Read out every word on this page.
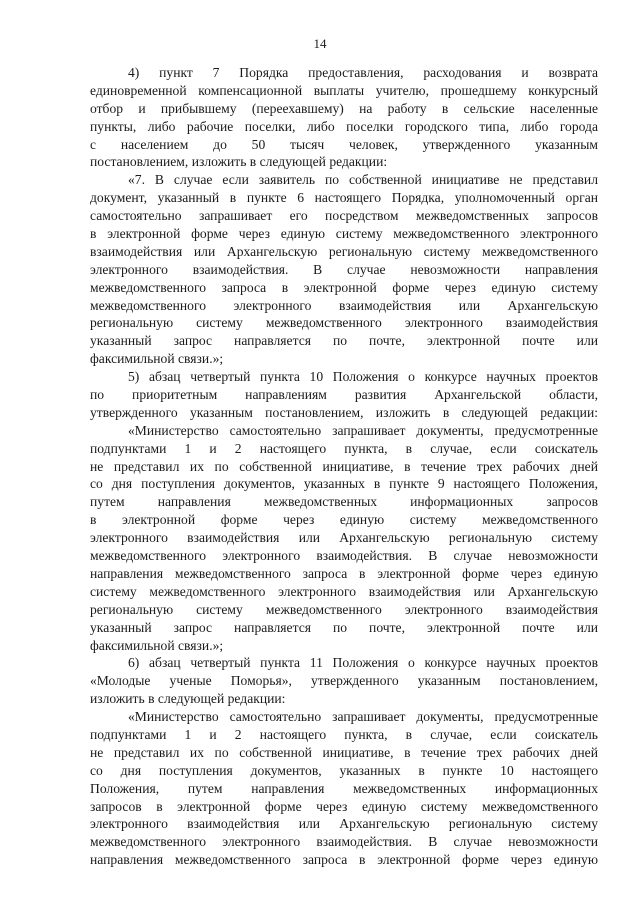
14
4) пункт 7 Порядка предоставления, расходования и возврата
единовременной компенсационной выплаты учителю, прошедшему конкурсный
отбор и прибывшему (переехавшему) на работу в сельские населенные
пункты, либо рабочие поселки, либо поселки городского типа, либо города
с населением до 50 тысяч человек, утвержденного указанным
постановлением, изложить в следующей редакции:
«7. В случае если заявитель по собственной инициативе не представил
документ, указанный в пункте 6 настоящего Порядка, уполномоченный орган
самостоятельно запрашивает его посредством межведомственных запросов
в электронной форме через единую систему межведомственного электронного
взаимодействия или Архангельскую региональную систему межведомственного
электронного взаимодействия. В случае невозможности направления
межведомственного запроса в электронной форме через единую систему
межведомственного электронного взаимодействия или Архангельскую
региональную систему межведомственного электронного взаимодействия
указанный запрос направляется по почте, электронной почте или
факсимильной связи.»;
5) абзац четвертый пункта 10 Положения о конкурсе научных проектов
по приоритетным направлениям развития Архангельской области,
утвержденного указанным постановлением, изложить в следующей редакции:
«Министерство самостоятельно запрашивает документы, предусмотренные
подпунктами 1 и 2 настоящего пункта, в случае, если соискатель
не представил их по собственной инициативе, в течение трех рабочих дней
со дня поступления документов, указанных в пункте 9 настоящего Положения,
путем направления межведомственных информационных запросов
в электронной форме через единую систему межведомственного
электронного взаимодействия или Архангельскую региональную систему
межведомственного электронного взаимодействия. В случае невозможности
направления межведомственного запроса в электронной форме через единую
систему межведомственного электронного взаимодействия или Архангельскую
региональную систему межведомственного электронного взаимодействия
указанный запрос направляется по почте, электронной почте или
факсимильной связи.»;
6) абзац четвертый пункта 11 Положения о конкурсе научных проектов
«Молодые ученые Поморья», утвержденного указанным постановлением,
изложить в следующей редакции:
«Министерство самостоятельно запрашивает документы, предусмотренные
подпунктами 1 и 2 настоящего пункта, в случае, если соискатель
не представил их по собственной инициативе, в течение трех рабочих дней
со дня поступления документов, указанных в пункте 10 настоящего
Положения, путем направления межведомственных информационных
запросов в электронной форме через единую систему межведомственного
электронного взаимодействия или Архангельскую региональную систему
межведомственного электронного взаимодействия. В случае невозможности
направления межведомственного запроса в электронной форме через единую
